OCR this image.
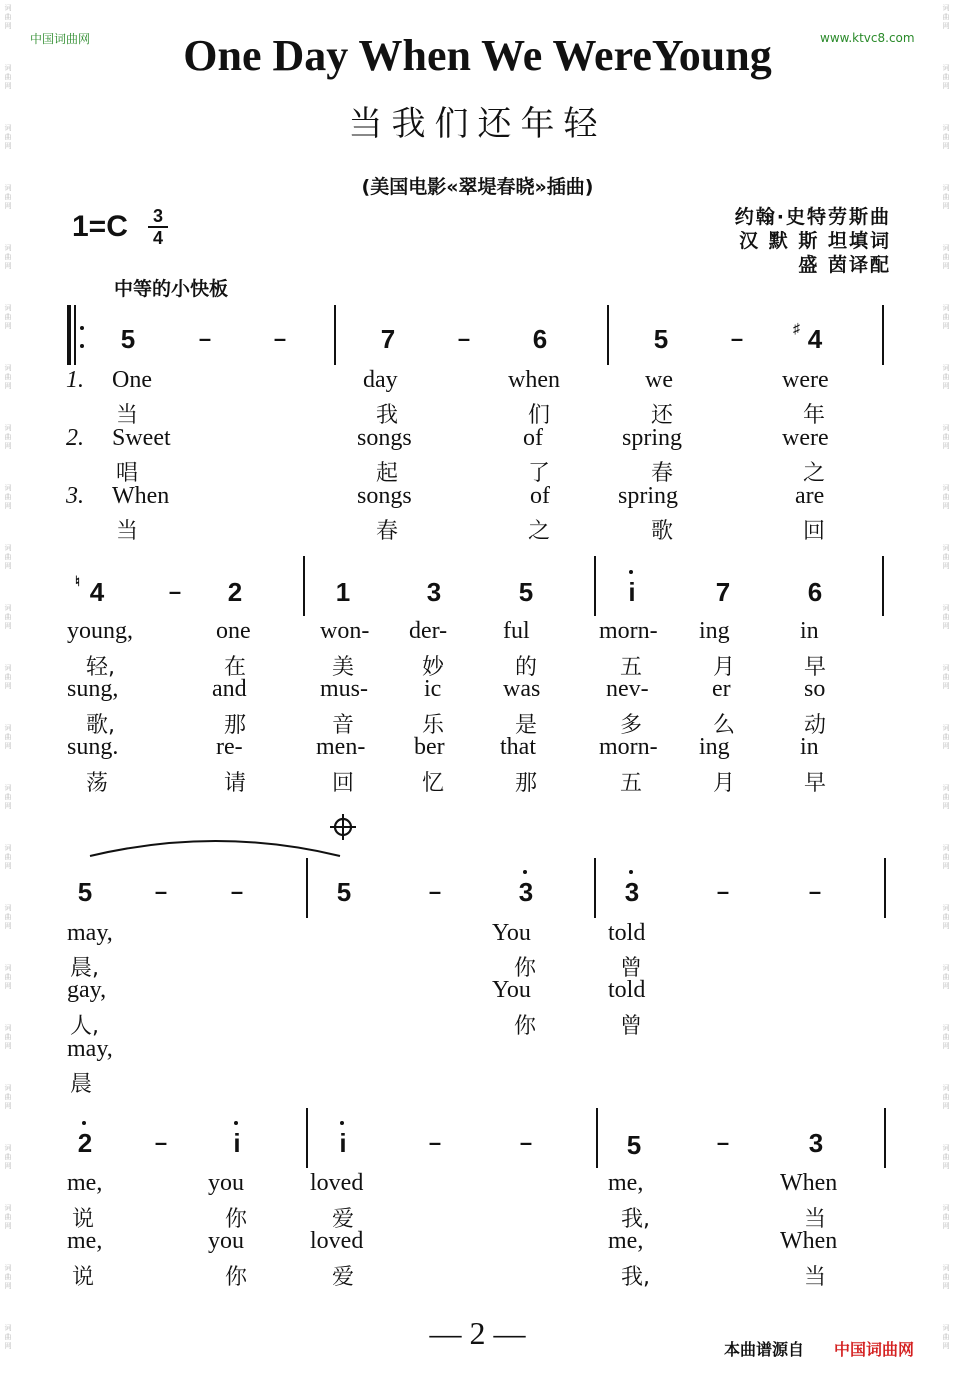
词
曲
网
词
曲
网
词
曲
网
词
曲
网
词
曲
网
词
曲
网
词
曲
网
词
曲
网
词
曲
网
词
曲
网
词
曲
网
词
曲
网
词
曲
网
词
曲
网
词
曲
网
词
曲
网
词
曲
网
词
曲
网
词
曲
网
词
曲
网
词
曲
网
词
曲
网
词
曲
网
词
曲
网
词
曲
网
词
曲
网
词
曲
网
词
曲
网
词
曲
网
词
曲
网
词
曲
网
词
曲
网
词
曲
网
词
曲
网
词
曲
网
词
曲
网
词
曲
网
词
曲
网
词
曲
网
词
曲
网
词
曲
网
词
曲
网
词
曲
网
词
曲
网
词
曲
网
词
曲
网
中国词曲网	www.ktvc8.com
One Day When We WereYoung
当我们还年轻
(美国电影«翠堤春晓»插曲)
约翰·史特劳斯曲
汉 默 斯 坦填词
盛 茵译配
$1=C \frac{3}{4}$
中等的小快板
5	–	–	7	–	6	5	–	♯ 4
1.
2.
3.
One	day	when	we	were
当	我	们	还	年
Sweet	songs	of	spring	were
唱	起	了	春	之
When	songs	of	spring	are
当	春	之	歌	回
♮ 4	–	2	1	3	5	i	7	6
young,	one	won- der- ful	morn- ing	in
轻,	在	美	妙	的	五	月	早
sung,	and	mus- ic	was	nev-	er	so
歌,	那	音	乐	是	多	么	动
sung.	re-	men- ber that	morn- ing	in
荡	请	回	忆	那	五	月	早
5	–	–	5	–	3	3	–	–
may,	You	told
晨,	你	曾
gay,	You	told
人,	你	曾
may,
晨
2	–	i	i	–	–	5	–	3
me,	you	loved	me,	When
说	你	爱	我,	当
me,	you	loved	me,	When
说	你	爱	我,	当
— 2 —	本曲谱源自 中国词曲网
